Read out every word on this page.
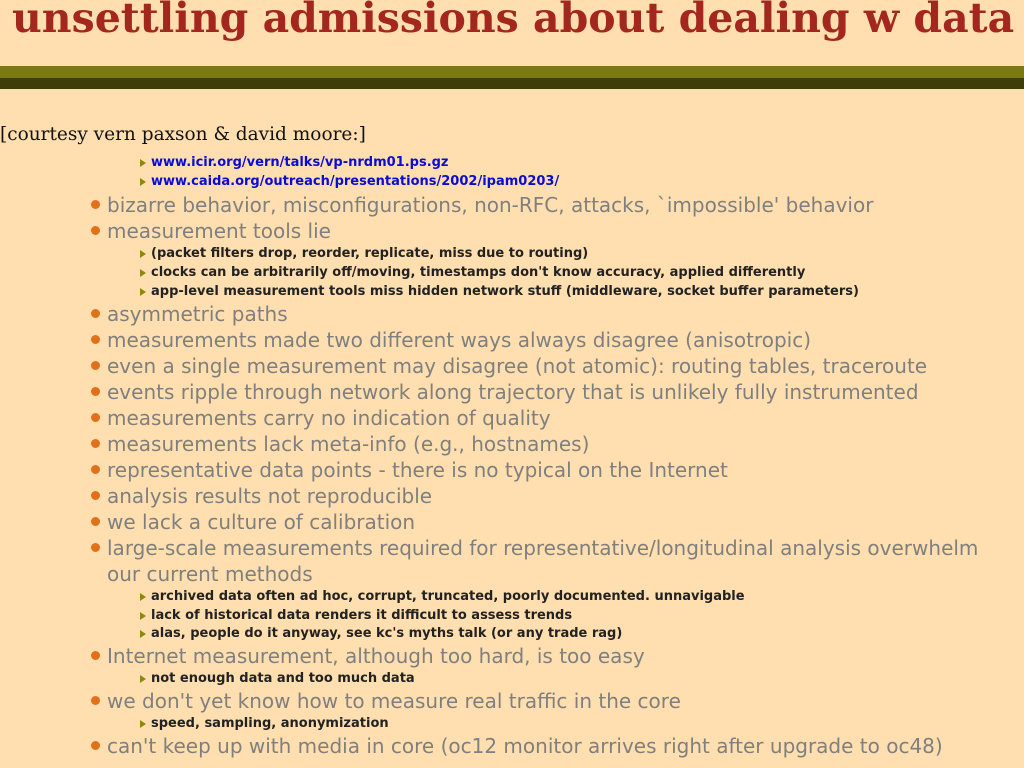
unsettling admissions about dealing w data
[courtesy vern paxson & david moore:]
www.icir.org/vern/talks/vp-nrdm01.ps.gz
www.caida.org/outreach/presentations/2002/ipam0203/
bizarre behavior, misconfigurations, non-RFC, attacks, `impossible' behavior
measurement tools lie
(packet filters drop, reorder, replicate, miss due to routing)
clocks can be arbitrarily off/moving, timestamps don't know accuracy, applied differently
app-level measurement tools miss hidden network stuff (middleware, socket buffer parameters)
asymmetric paths
measurements made two different ways always disagree (anisotropic)
even a single measurement may disagree (not atomic): routing tables, traceroute
events ripple through network along trajectory that is unlikely fully instrumented
measurements carry no indication of quality
measurements lack meta-info (e.g., hostnames)
representative data points - there is no typical on the Internet
analysis results not reproducible
we lack a culture of calibration
large-scale measurements required for representative/longitudinal analysis overwhelm
our current methods
archived data often ad hoc, corrupt, truncated, poorly documented. unnavigable
lack of historical data renders it difficult to assess trends
alas, people do it anyway, see kc's myths talk (or any trade rag)
Internet measurement, although too hard, is too easy
not enough data and too much data
we don't yet know how to measure real traffic in the core
speed, sampling, anonymization
can't keep up with media in core (oc12 monitor arrives right after upgrade to oc48)
